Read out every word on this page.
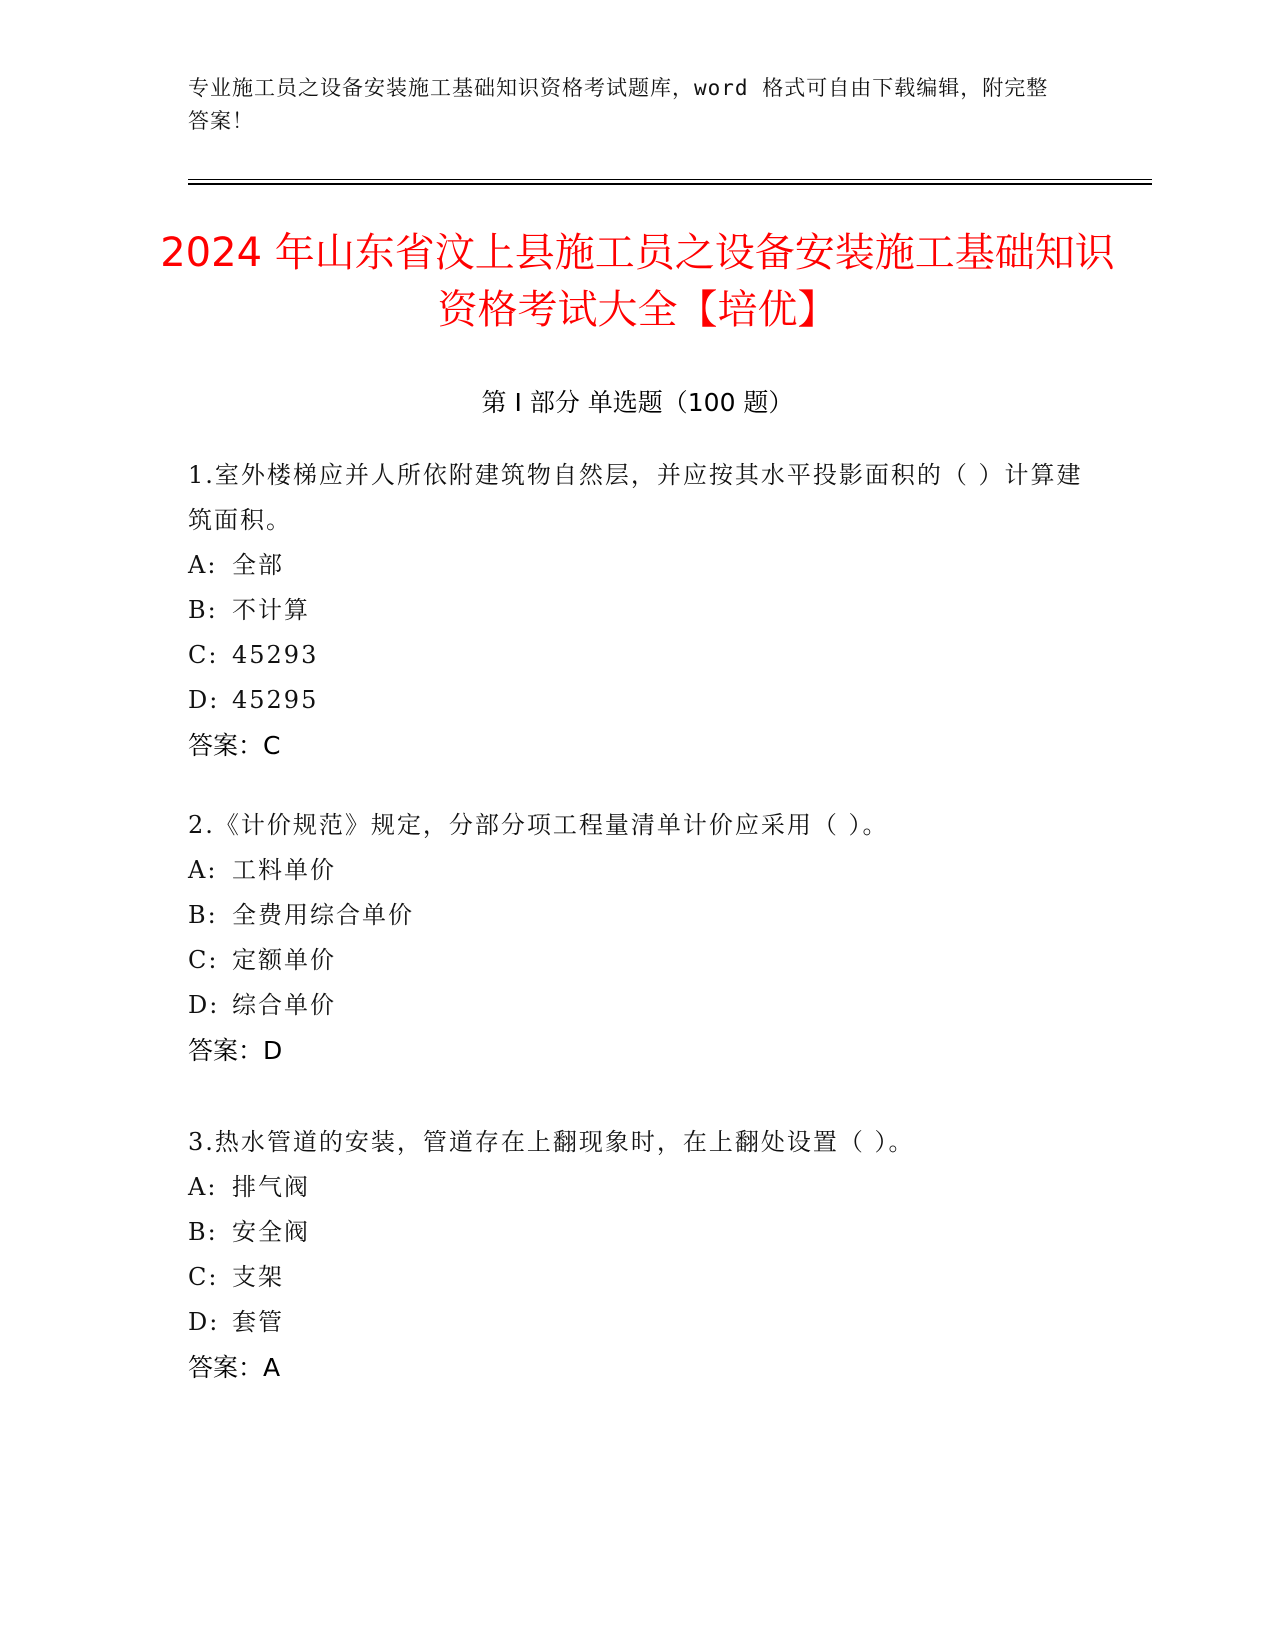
专业施工员之设备安装施工基础知识资格考试题库，word 格式可自由下载编辑，附完整答案！
2024 年山东省汶上县施工员之设备安装施工基础知识资格考试大全【培优】
第 I 部分 单选题（100 题）
1.室外楼梯应并人所依附建筑物自然层，并应按其水平投影面积的（ ）计算建筑面积。
A: 全部
B: 不计算
C: 45293
D: 45295
答案：C
2.《计价规范》规定，分部分项工程量清单计价应采用（ ）。
A: 工料单价
B: 全费用综合单价
C: 定额单价
D: 综合单价
答案：D
3.热水管道的安装，管道存在上翻现象时，在上翻处设置（ ）。
A: 排气阀
B: 安全阀
C: 支架
D: 套管
答案：A
